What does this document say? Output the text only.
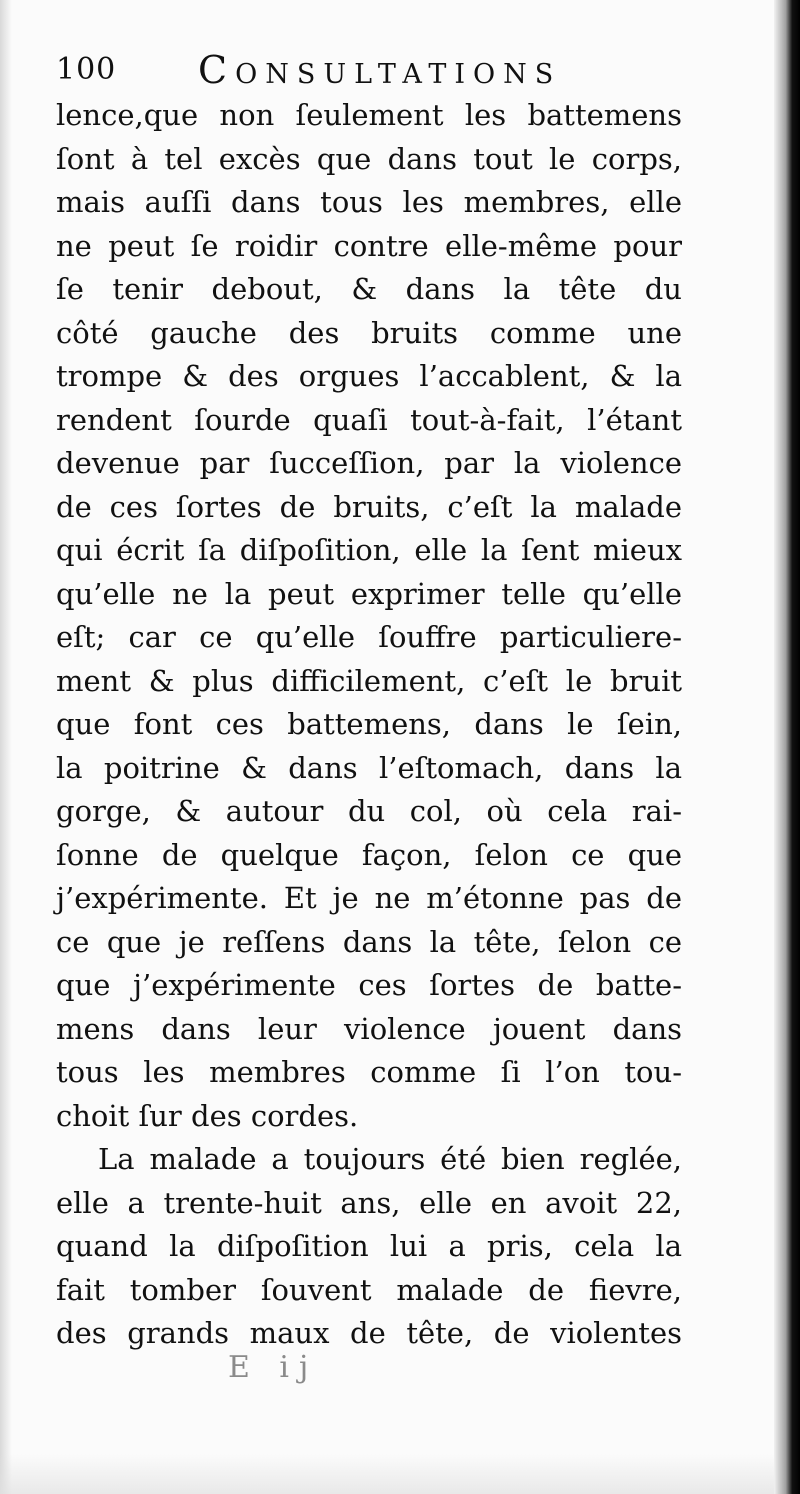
100 Consultations
lence,que non ſeulement les battemens
ſont à tel excès que dans tout le corps,
mais auſſi dans tous les membres, elle
ne peut ſe roidir contre elle-même pour
ſe tenir debout, & dans la tête du
côté gauche des bruits comme une
trompe & des orgues l’accablent, & la
rendent ſourde quaſi tout-à-fait, l’étant
devenue par ſucceſſion, par la violence
de ces ſortes de bruits, c’eſt la malade
qui écrit ſa diſpoſition, elle la ſent mieux
qu’elle ne la peut exprimer telle qu’elle
eſt; car ce qu’elle ſouffre particuliere-
ment & plus difficilement, c’eſt le bruit
que font ces battemens, dans le ſein,
la poitrine & dans l’eſtomach, dans la
gorge, & autour du col, où cela rai-
ſonne de quelque façon, ſelon ce que
j’expérimente. Et je ne m’étonne pas de
ce que je reſſens dans la tête, ſelon ce
que j’expérimente ces ſortes de batte-
mens dans leur violence jouent dans
tous les membres comme ſi l’on tou-
choit ſur des cordes.
La malade a toujours été bien reglée,
elle a trente-huit ans, elle en avoit 22,
quand la diſpoſition lui a pris, cela la
fait tomber ſouvent malade de fievre,
des grands maux de tête, de violentes
E ij
